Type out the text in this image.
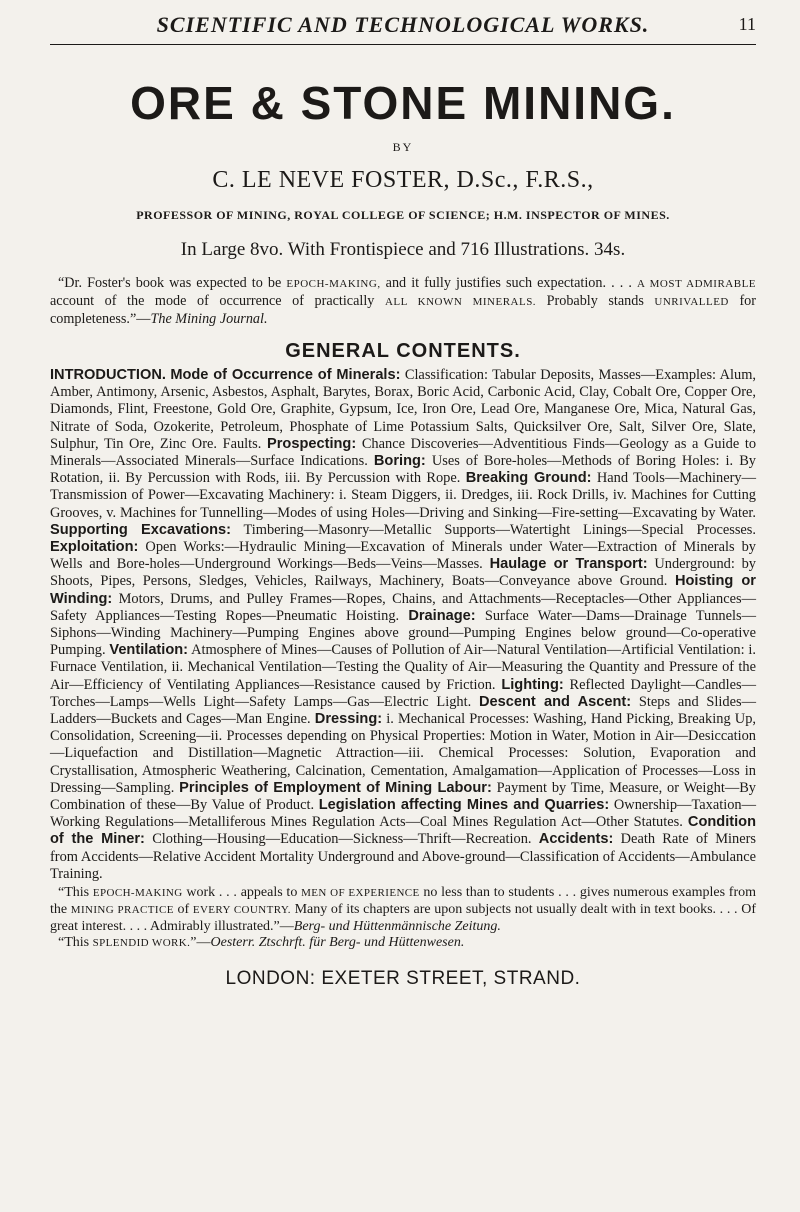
SCIENTIFIC AND TECHNOLOGICAL WORKS.	11
ORE & STONE MINING.
BY
C. LE NEVE FOSTER, D.Sc., F.R.S.,
PROFESSOR OF MINING, ROYAL COLLEGE OF SCIENCE; H.M. INSPECTOR OF MINES.
In Large 8vo. With Frontispiece and 716 Illustrations. 34s.
“Dr. Foster's book was expected to be EPOCH-MAKING, and it fully justifies such expectation. . . . A MOST ADMIRABLE account of the mode of occurrence of practically ALL KNOWN MINERALS. Probably stands UNRIVALLED for completeness.”—The Mining Journal.
GENERAL CONTENTS.
INTRODUCTION. Mode of Occurrence of Minerals: Classification: Tabular Deposits, Masses—Examples: Alum, Amber, Antimony, Arsenic, Asbestos, Asphalt, Barytes, Borax, Boric Acid, Carbonic Acid, Clay, Cobalt Ore, Copper Ore, Diamonds, Flint, Freestone, Gold Ore, Graphite, Gypsum, Ice, Iron Ore, Lead Ore, Manganese Ore, Mica, Natural Gas, Nitrate of Soda, Ozokerite, Petroleum, Phosphate of Lime Potassium Salts, Quicksilver Ore, Salt, Silver Ore, Slate, Sulphur, Tin Ore, Zinc Ore. Faults. Prospecting: Chance Discoveries—Adventitious Finds—Geology as a Guide to Minerals—Associated Minerals—Surface Indications. Boring: Uses of Bore-holes—Methods of Boring Holes: i. By Rotation, ii. By Percussion with Rods, iii. By Percussion with Rope. Breaking Ground: Hand Tools—Machinery—Transmission of Power—Excavating Machinery: i. Steam Diggers, ii. Dredges, iii. Rock Drills, iv. Machines for Cutting Grooves, v. Machines for Tunnelling—Modes of using Holes—Driving and Sinking—Fire-setting—Excavating by Water. Supporting Excavations: Timbering—Masonry—Metallic Supports—Watertight Linings—Special Processes. Exploitation: Open Works:—Hydraulic Mining—Excavation of Minerals under Water—Extraction of Minerals by Wells and Bore-holes—Underground Workings—Beds—Veins—Masses. Haulage or Transport: Underground: by Shoots, Pipes, Persons, Sledges, Vehicles, Railways, Machinery, Boats—Conveyance above Ground. Hoisting or Winding: Motors, Drums, and Pulley Frames—Ropes, Chains, and Attachments—Receptacles—Other Appliances—Safety Appliances—Testing Ropes—Pneumatic Hoisting. Drainage: Surface Water—Dams—Drainage Tunnels—Siphons—Winding Machinery—Pumping Engines above ground—Pumping Engines below ground—Co-operative Pumping. Ventilation: Atmosphere of Mines—Causes of Pollution of Air—Natural Ventilation—Artificial Ventilation: i. Furnace Ventilation, ii. Mechanical Ventilation—Testing the Quality of Air—Measuring the Quantity and Pressure of the Air—Efficiency of Ventilating Appliances—Resistance caused by Friction. Lighting: Reflected Daylight—Candles—Torches—Lamps—Wells Light—Safety Lamps—Gas—Electric Light. Descent and Ascent: Steps and Slides—Ladders—Buckets and Cages—Man Engine. Dressing: i. Mechanical Processes: Washing, Hand Picking, Breaking Up, Consolidation, Screening—ii. Processes depending on Physical Properties: Motion in Water, Motion in Air—Desiccation—Liquefaction and Distillation—Magnetic Attraction—iii. Chemical Processes: Solution, Evaporation and Crystallisation, Atmospheric Weathering, Calcination, Cementation, Amalgamation—Application of Processes—Loss in Dressing—Sampling. Principles of Employment of Mining Labour: Payment by Time, Measure, or Weight—By Combination of these—By Value of Product. Legislation affecting Mines and Quarries: Ownership—Taxation—Working Regulations—Metalliferous Mines Regulation Acts—Coal Mines Regulation Act—Other Statutes. Condition of the Miner: Clothing—Housing—Education—Sickness—Thrift—Recreation. Accidents: Death Rate of Miners from Accidents—Relative Accident Mortality Underground and Above-ground—Classification of Accidents—Ambulance Training.

“This EPOCH-MAKING work . . . appeals to MEN OF EXPERIENCE no less than to students . . . gives numerous examples from the MINING PRACTICE of EVERY COUNTRY. Many of its chapters are upon subjects not usually dealt with in text books. . . . Of great interest. . . . Admirably illustrated.”—Berg- und Hüttenmännische Zeitung.

“This SPLENDID WORK.”—Oesterr. Ztschrft. für Berg- und Hüttenwesen.

LONDON: EXETER STREET, STRAND.
